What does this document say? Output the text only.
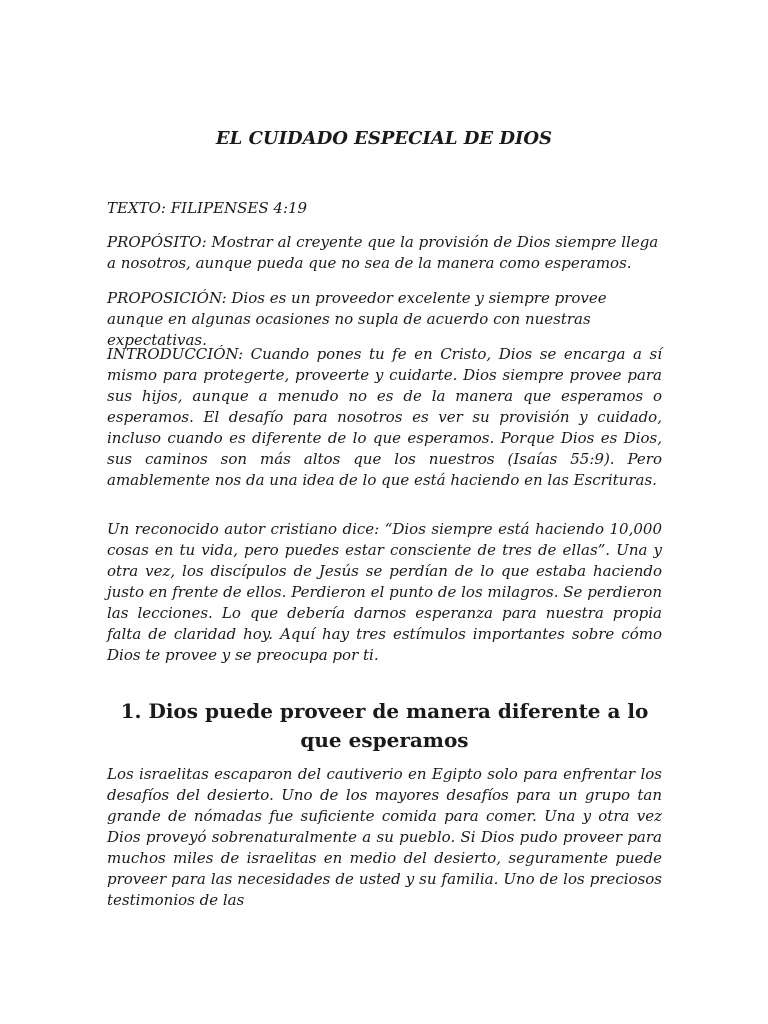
EL CUIDADO ESPECIAL DE DIOS
TEXTO: FILIPENSES 4:19
PROPÓSITO: Mostrar al creyente que la provisión de Dios siempre llega a nosotros, aunque pueda que no sea de la manera como esperamos.
PROPOSICIÓN: Dios es un proveedor excelente y siempre provee aunque en algunas ocasiones no supla de acuerdo con nuestras expectativas.
INTRODUCCIÓN: Cuando pones tu fe en Cristo, Dios se encarga a sí mismo para protegerte, proveerte y cuidarte. Dios siempre provee para sus hijos, aunque a menudo no es de la manera que esperamos o esperamos. El desafío para nosotros es ver su provisión y cuidado, incluso cuando es diferente de lo que esperamos. Porque Dios es Dios, sus caminos son más altos que los nuestros (Isaías 55:9). Pero amablemente nos da una idea de lo que está haciendo en las Escrituras.
Un reconocido autor cristiano dice: “Dios siempre está haciendo 10,000 cosas en tu vida, pero puedes estar consciente de tres de ellas”. Una y otra vez, los discípulos de Jesús se perdían de lo que estaba haciendo justo en frente de ellos. Perdieron el punto de los milagros. Se perdieron las lecciones. Lo que debería darnos esperanza para nuestra propia falta de claridad hoy. Aquí hay tres estímulos importantes sobre cómo Dios te provee y se preocupa por ti.
1. Dios puede proveer de manera diferente a lo que esperamos
Los israelitas escaparon del cautiverio en Egipto solo para enfrentar los desafíos del desierto. Uno de los mayores desafíos para un grupo tan grande de nómadas fue suficiente comida para comer. Una y otra vez Dios proveyó sobrenaturalmente a su pueblo. Si Dios pudo proveer para muchos miles de israelitas en medio del desierto, seguramente puede proveer para las necesidades de usted y su familia. Uno de los preciosos testimonios de las
